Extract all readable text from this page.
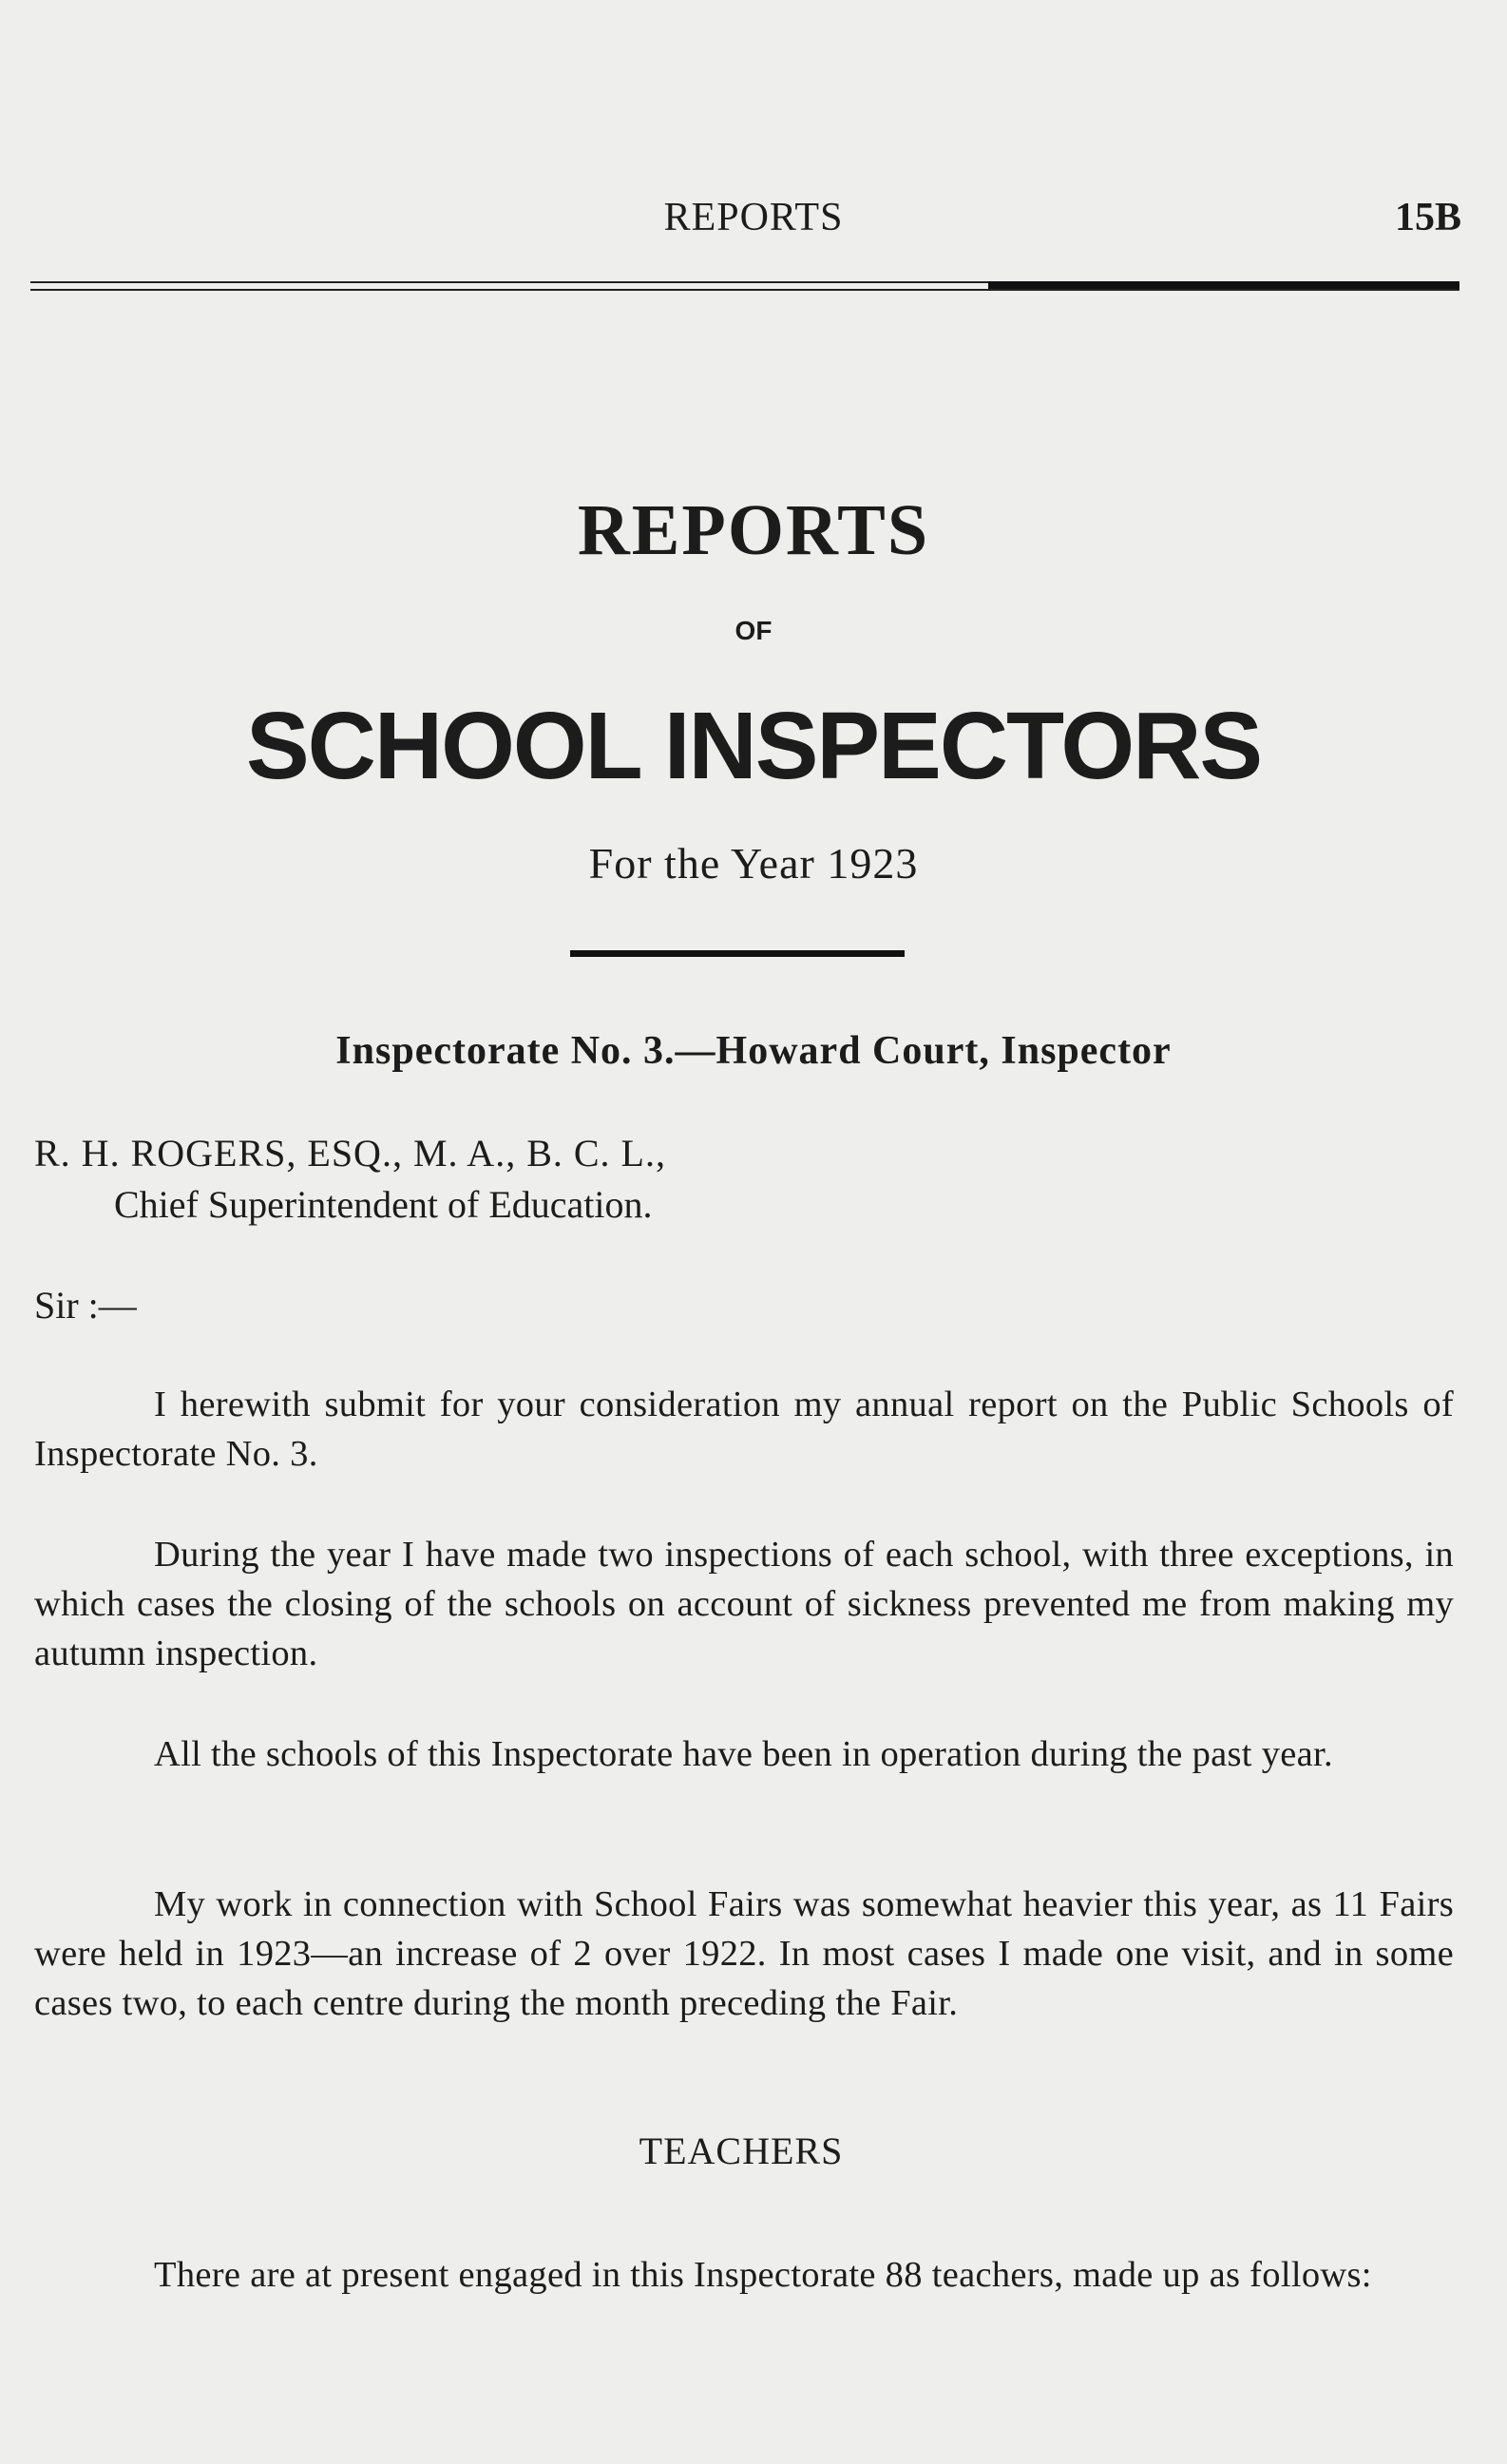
REPORTS	15B
REPORTS
OF
SCHOOL INSPECTORS
For the Year 1923
Inspectorate No. 3.—Howard Court, Inspector
R. H. ROGERS, ESQ., M. A., B. C. L.,
Chief Superintendent of Education.
Sir :—

I herewith submit for your consideration my annual report on the Public Schools of Inspectorate No. 3.

During the year I have made two inspections of each school, with three exceptions, in which cases the closing of the schools on account of sickness prevented me from making my autumn inspection.

All the schools of this Inspectorate have been in operation during the past year.

My work in connection with School Fairs was somewhat heavier this year, as 11 Fairs were held in 1923—an increase of 2 over 1922. In most cases I made one visit, and in some cases two, to each centre during the month preceding the Fair.

TEACHERS

There are at present engaged in this Inspectorate 88 teachers, made up as follows:
